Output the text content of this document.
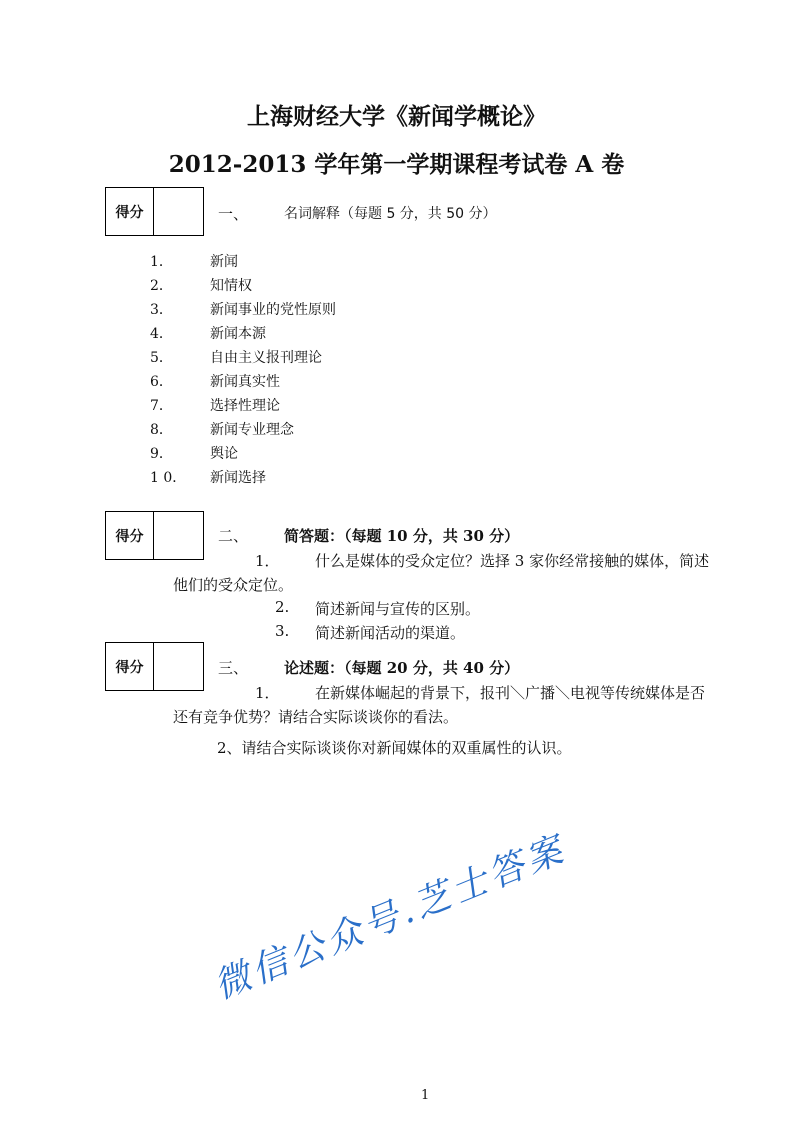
上海财经大学《新闻学概论》
2012-2013 学年第一学期课程考试卷 A 卷
得分	一、	名词解释（每题 5 分，共 50 分）
1．	新闻
2．	知情权
3．	新闻事业的党性原则
4．	新闻本源
5．	自由主义报刊理论
6．	新闻真实性
7．	选择性理论
8．	新闻专业理念
9．	舆论
1 0． 新闻选择
得分	二、 简答题：（每题 10 分，共 30 分）
1． 什么是媒体的受众定位？选择 3 家你经常接触的媒体，简述
他们的受众定位。
2. 简述新闻与宣传的区别。
3. 简述新闻活动的渠道。
得分	三、 论述题：（每题 20 分，共 40 分）
1． 在新媒体崛起的背景下，报刊＼广播＼电视等传统媒体是否
还有竞争优势？请结合实际谈谈你的看法。
2、请结合实际谈谈你对新闻媒体的双重属性的认识。
微信公众号.芝士答案
1
